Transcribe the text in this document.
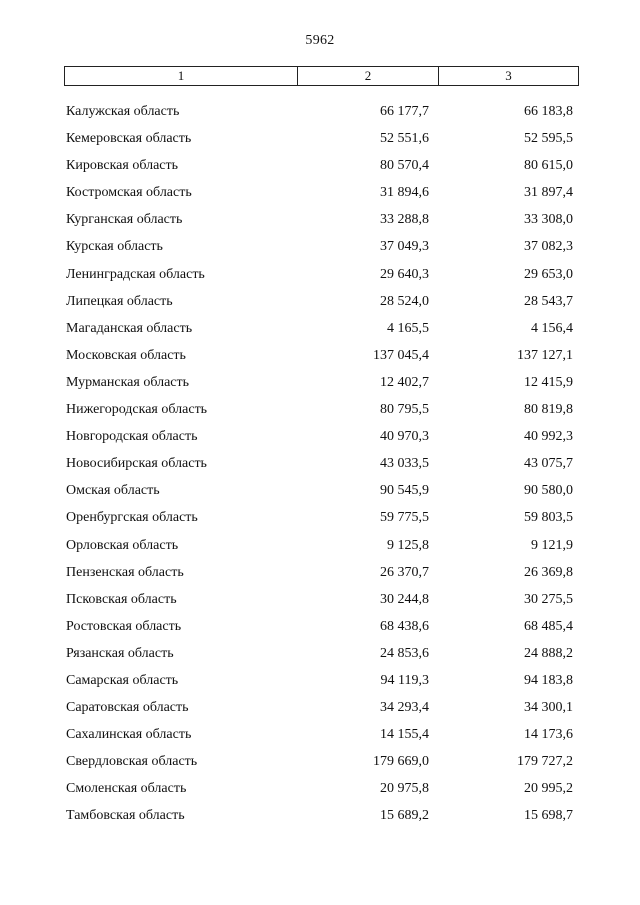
5962
1	2	3
Калужская область	66 177,7	66 183,8
Кемеровская область	52 551,6	52 595,5
Кировская область	80 570,4	80 615,0
Костромская область	31 894,6	31 897,4
Курганская область	33 288,8	33 308,0
Курская область	37 049,3	37 082,3
Ленинградская область	29 640,3	29 653,0
Липецкая область	28 524,0	28 543,7
Магаданская область	4 165,5	4 156,4
Московская область	137 045,4	137 127,1
Мурманская область	12 402,7	12 415,9
Нижегородская область	80 795,5	80 819,8
Новгородская область	40 970,3	40 992,3
Новосибирская область	43 033,5	43 075,7
Омская область	90 545,9	90 580,0
Оренбургская область	59 775,5	59 803,5
Орловская область	9 125,8	9 121,9
Пензенская область	26 370,7	26 369,8
Псковская область	30 244,8	30 275,5
Ростовская область	68 438,6	68 485,4
Рязанская область	24 853,6	24 888,2
Самарская область	94 119,3	94 183,8
Саратовская область	34 293,4	34 300,1
Сахалинская область	14 155,4	14 173,6
Свердловская область	179 669,0	179 727,2
Смоленская область	20 975,8	20 995,2
Тамбовская область	15 689,2	15 698,7
